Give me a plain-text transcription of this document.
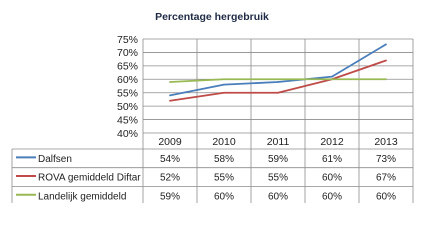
Percentage hergebruik
40%
45%
50%
55%
60%
65%
70%
75%
2009	2010	2011	2012	2013
Dalfsen	54%	58%	59%	61%	73%
ROVA gemiddeld Diftar 52%	55%	55%	60%	67%
Landelijk gemiddeld	59%	60%	60%	60%	60%
